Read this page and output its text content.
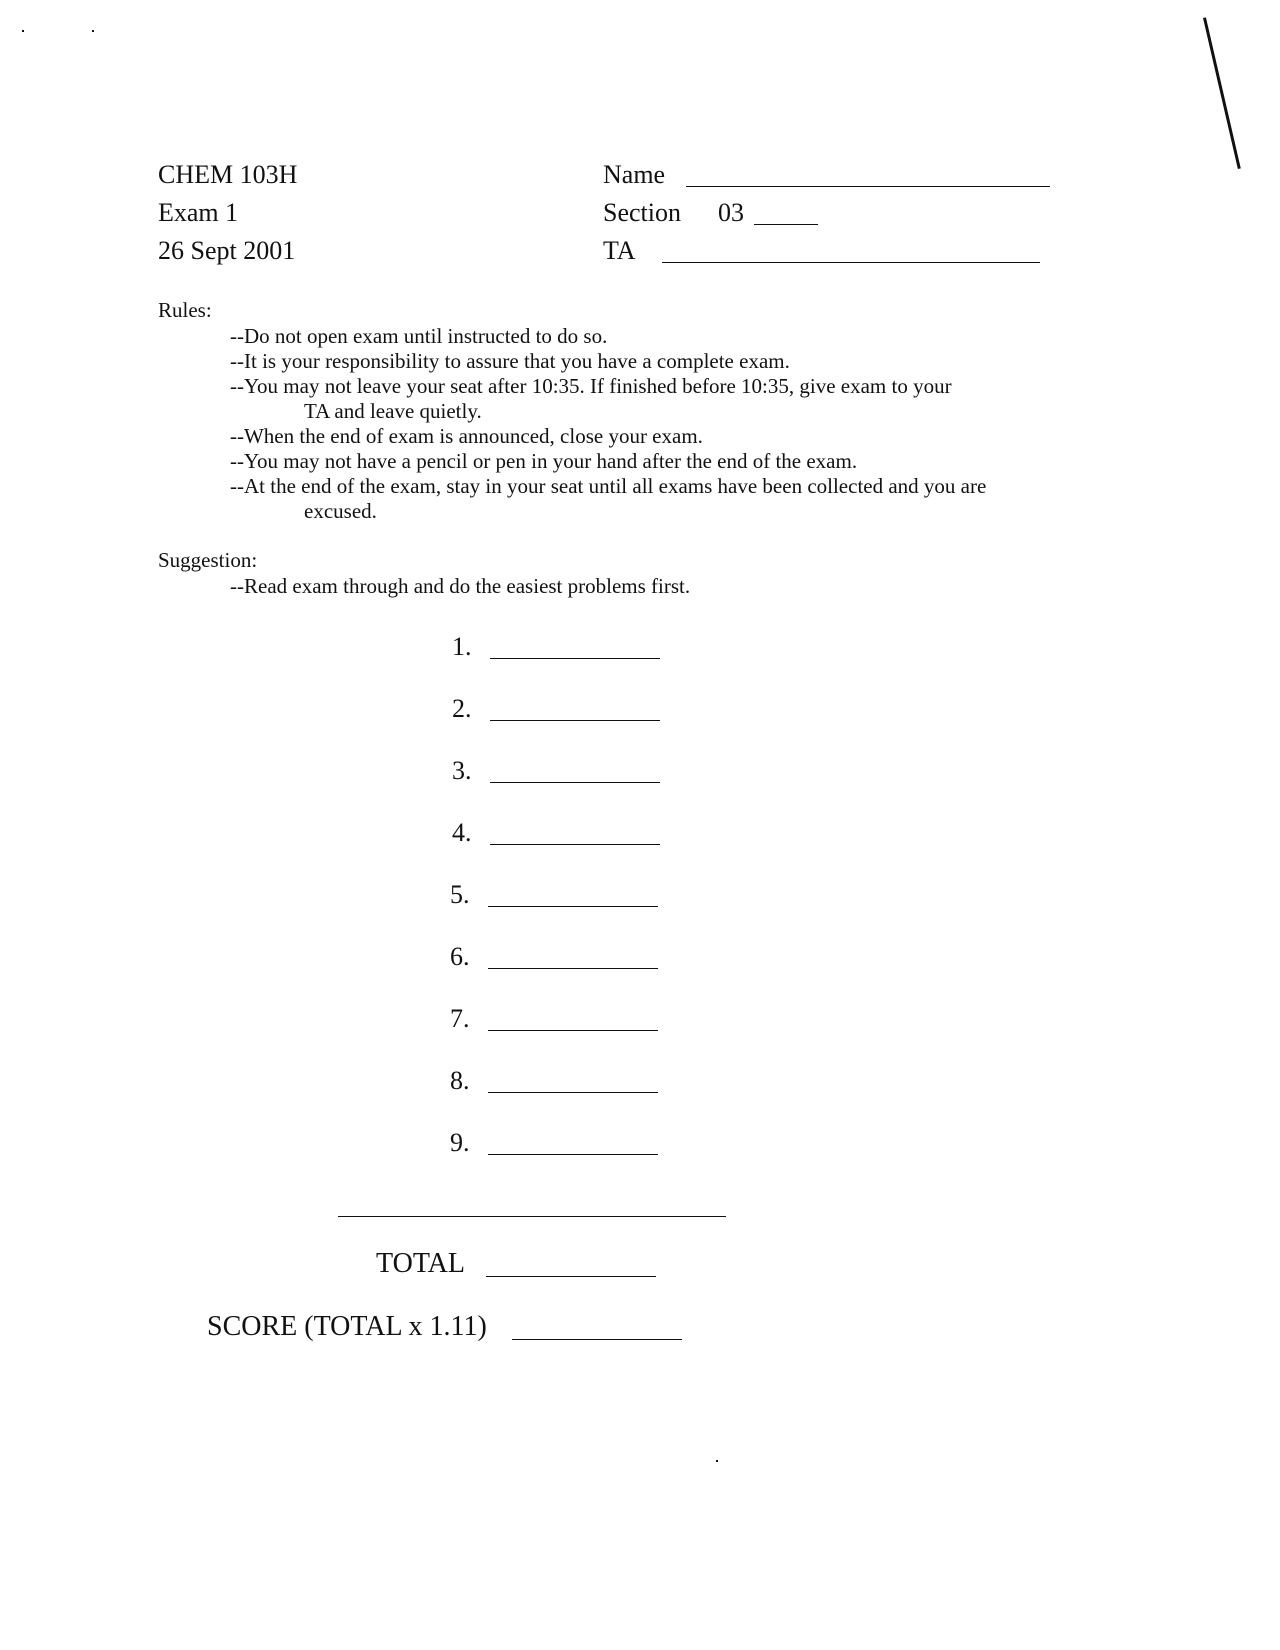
CHEM 103H
Exam 1
26 Sept 2001
Name
Section 03
TA
Rules:
--Do not open exam until instructed to do so.
--It is your responsibility to assure that you have a complete exam.
--You may not leave your seat after 10:35. If finished before 10:35, give exam to your
TA and leave quietly.
--When the end of exam is announced, close your exam.
--You may not have a pencil or pen in your hand after the end of the exam.
--At the end of the exam, stay in your seat until all exams have been collected and you are
excused.
Suggestion:
--Read exam through and do the easiest problems first.
1.
2.
3.
4.
5.
6.
7.
8.
9.
TOTAL
SCORE (TOTAL x 1.11)
